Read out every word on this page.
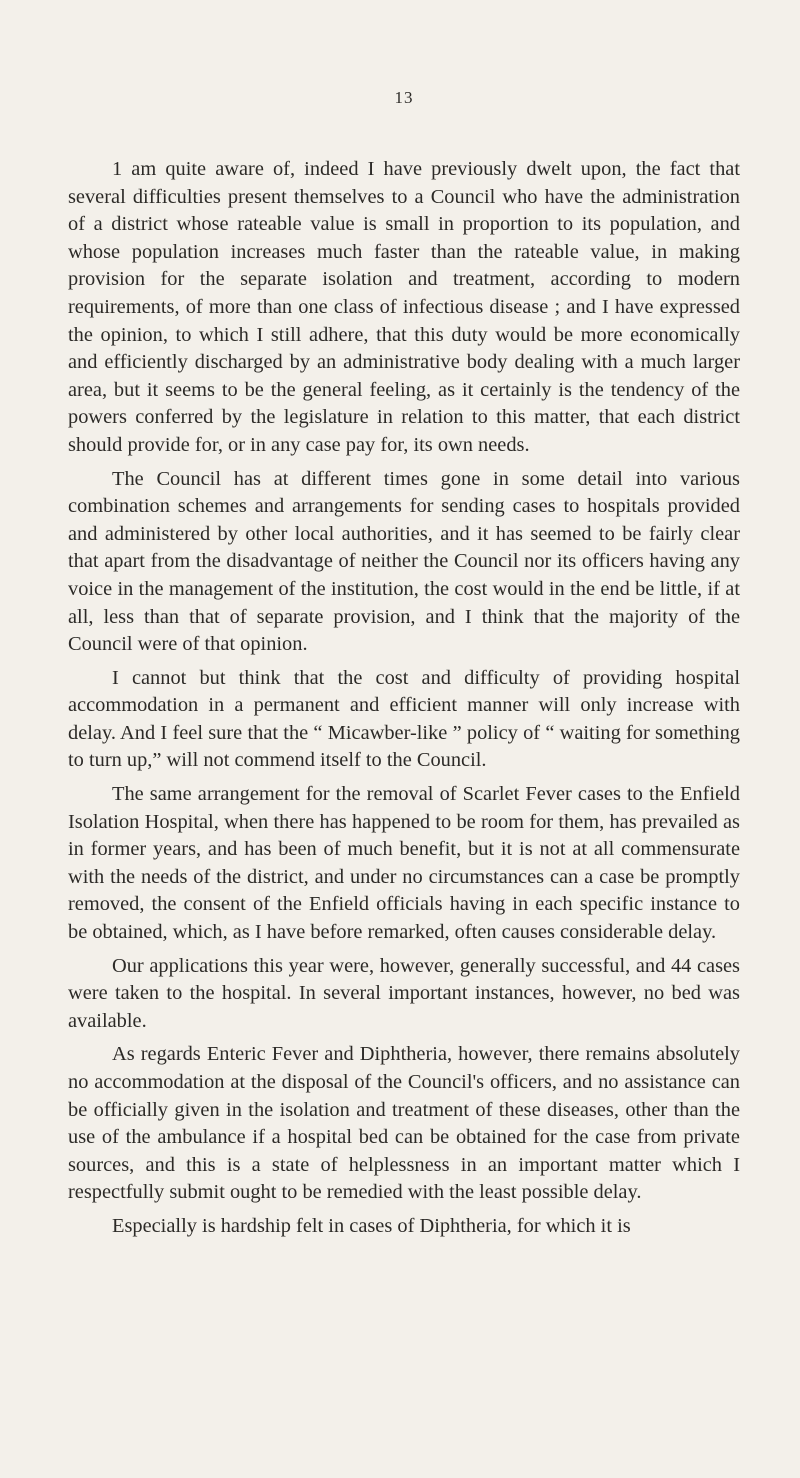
13

1 am quite aware of, indeed I have previously dwelt upon, the fact that several difficulties present themselves to a Council who have the administration of a district whose rateable value is small in proportion to its population, and whose population increases much faster than the rateable value, in making provision for the separate isolation and treatment, according to modern requirements, of more than one class of infectious disease ; and I have expressed the opinion, to which I still adhere, that this duty would be more economically and efficiently discharged by an administrative body dealing with a much larger area, but it seems to be the general feeling, as it certainly is the tendency of the powers conferred by the legislature in relation to this matter, that each district should provide for, or in any case pay for, its own needs.

The Council has at different times gone in some detail into various combination schemes and arrangements for sending cases to hospitals provided and administered by other local authorities, and it has seemed to be fairly clear that apart from the disadvantage of neither the Council nor its officers having any voice in the management of the institution, the cost would in the end be little, if at all, less than that of separate provision, and I think that the majority of the Council were of that opinion.

I cannot but think that the cost and difficulty of providing hospital accommodation in a permanent and efficient manner will only increase with delay. And I feel sure that the “ Micawber-like ” policy of “ waiting for something to turn up,” will not commend itself to the Council.

The same arrangement for the removal of Scarlet Fever cases to the Enfield Isolation Hospital, when there has happened to be room for them, has prevailed as in former years, and has been of much benefit, but it is not at all commensurate with the needs of the district, and under no circumstances can a case be promptly removed, the consent of the Enfield officials having in each specific instance to be obtained, which, as I have before remarked, often causes considerable delay.

Our applications this year were, however, generally successful, and 44 cases were taken to the hospital. In several important instances, however, no bed was available.

As regards Enteric Fever and Diphtheria, however, there remains absolutely no accommodation at the disposal of the Council's officers, and no assistance can be officially given in the isolation and treatment of these diseases, other than the use of the ambulance if a hospital bed can be obtained for the case from private sources, and this is a state of helplessness in an important matter which I respectfully submit ought to be remedied with the least possible delay.

Especially is hardship felt in cases of Diphtheria, for which it is
